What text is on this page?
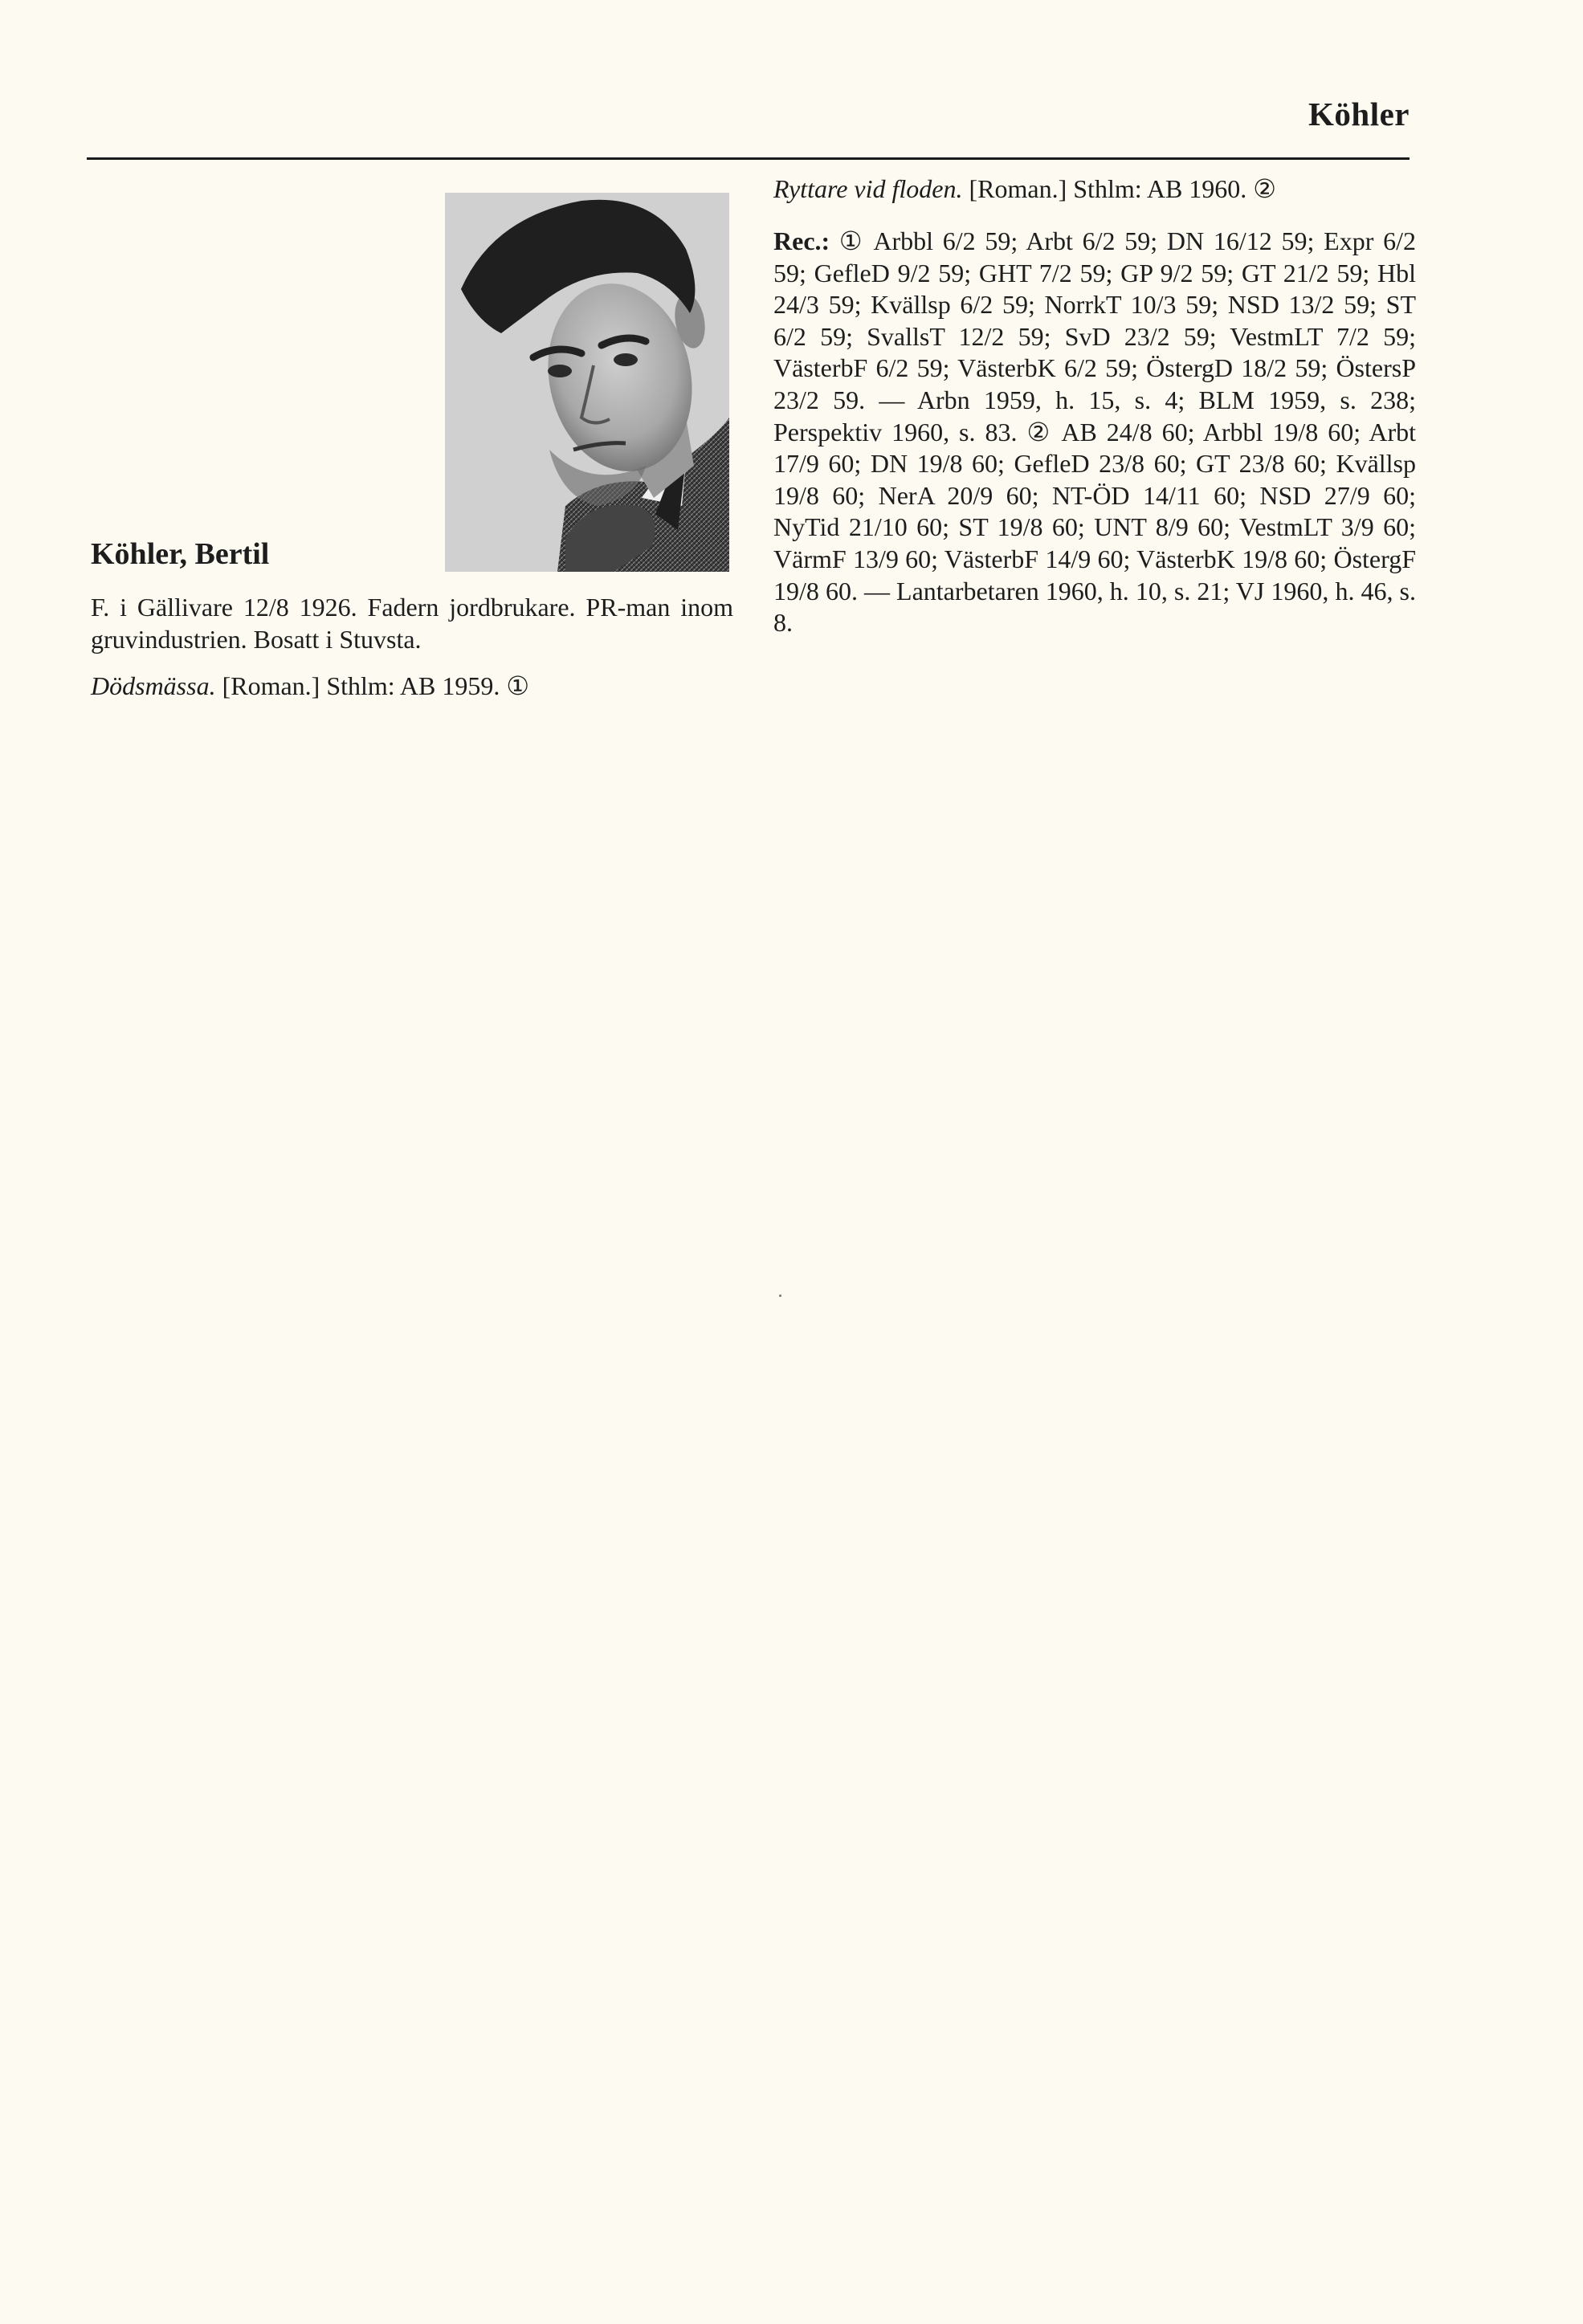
Köhler
Köhler, Bertil

F. i Gällivare 12/8 1926. Fadern jordbrukare. PR-man inom gruvindustrien. Bosatt i Stuvsta.

Dödsmässa. [Roman.] Sthlm: AB 1959. ①

Ryttare vid floden. [Roman.] Sthlm: AB 1960. ②

Rec.: ① Arbbl 6/2 59; Arbt 6/2 59; DN 16/12 59; Expr 6/2 59; GefleD 9/2 59; GHT 7/2 59; GP 9/2 59; GT 21/2 59; Hbl 24/3 59; Kvällsp 6/2 59; NorrkT 10/3 59; NSD 13/2 59; ST 6/2 59; SvallsT 12/2 59; SvD 23/2 59; VestmLT 7/2 59; VästerbF 6/2 59; VästerbK 6/2 59; ÖstergD 18/2 59; ÖstersP 23/2 59. — Arbn 1959, h. 15, s. 4; BLM 1959, s. 238; Perspektiv 1960, s. 83. ② AB 24/8 60; Arbbl 19/8 60; Arbt 17/9 60; DN 19/8 60; GefleD 23/8 60; GT 23/8 60; Kvällsp 19/8 60; NerA 20/9 60; NT-ÖD 14/11 60; NSD 27/9 60; NyTid 21/10 60; ST 19/8 60; UNT 8/9 60; VestmLT 3/9 60; VärmF 13/9 60; VästerbF 14/9 60; VästerbK 19/8 60; ÖstergF 19/8 60. — Lantarbetaren 1960, h. 10, s. 21; VJ 1960, h. 46, s. 8.
